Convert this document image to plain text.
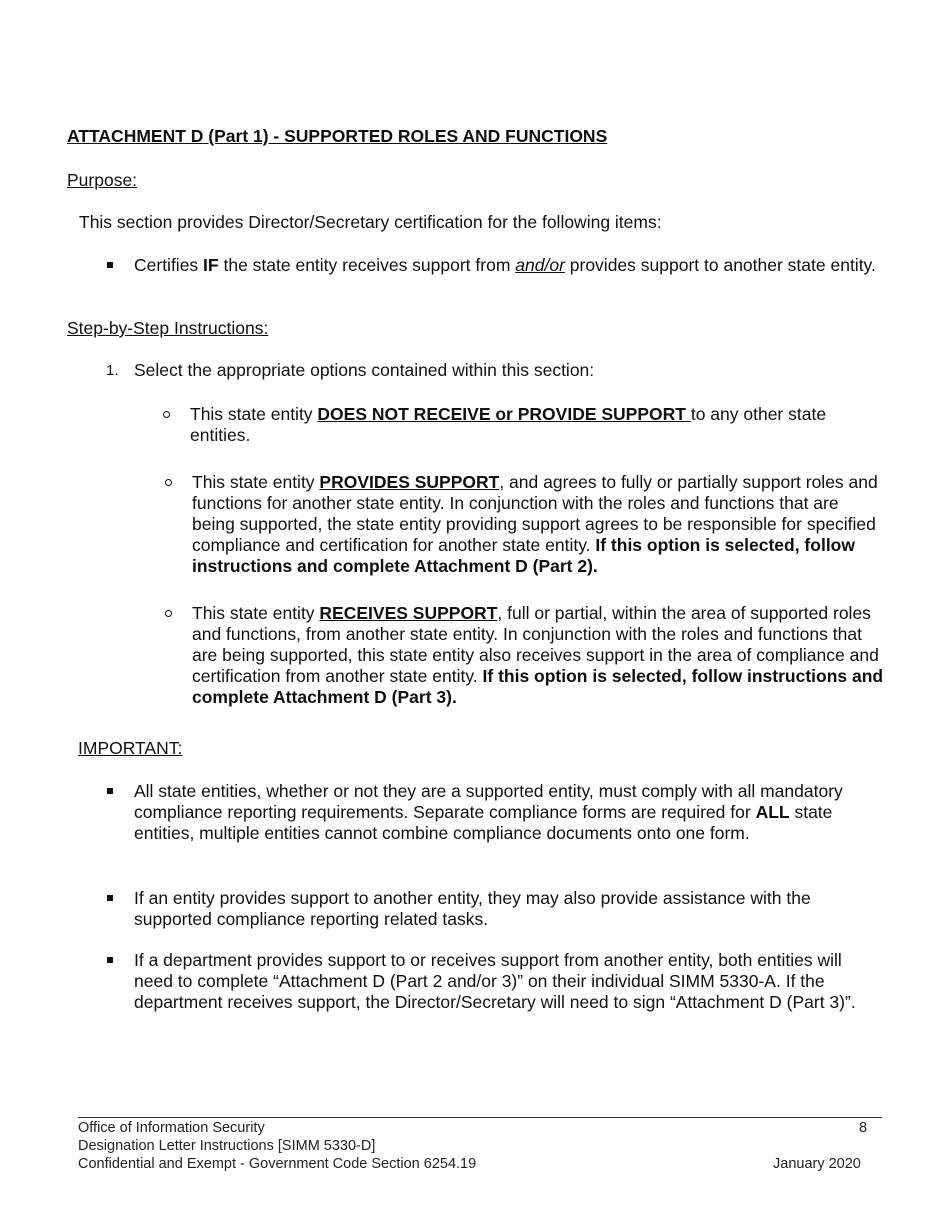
ATTACHMENT D (Part 1) - SUPPORTED ROLES AND FUNCTIONS
Purpose:

This section provides Director/Secretary certification for the following items:

Certifies IF the state entity receives support from and/or provides support to another state entity.

Step-by-Step Instructions:
1. Select the appropriate options contained within this section:

This state entity DOES NOT RECEIVE or PROVIDE SUPPORT to any other state entities.

This state entity PROVIDES SUPPORT, and agrees to fully or partially support roles and functions for another state entity. In conjunction with the roles and functions that are being supported, the state entity providing support agrees to be responsible for specified compliance and certification for another state entity. If this option is selected, follow instructions and complete Attachment D (Part 2).

This state entity RECEIVES SUPPORT, full or partial, within the area of supported roles and functions, from another state entity. In conjunction with the roles and functions that are being supported, this state entity also receives support in the area of compliance and certification from another state entity. If this option is selected, follow instructions and complete Attachment D (Part 3).

IMPORTANT:

All state entities, whether or not they are a supported entity, must comply with all mandatory compliance reporting requirements. Separate compliance forms are required for ALL state entities, multiple entities cannot combine compliance documents onto one form.

If an entity provides support to another entity, they may also provide assistance with the supported compliance reporting related tasks.

If a department provides support to or receives support from another entity, both entities will need to complete “Attachment D (Part 2 and/or 3)” on their individual SIMM 5330-A. If the department receives support, the Director/Secretary will need to sign “Attachment D (Part 3)”.

Office of Information Security	8
Designation Letter Instructions [SIMM 5330-D]
Confidential and Exempt - Government Code Section 6254.19	January 2020
